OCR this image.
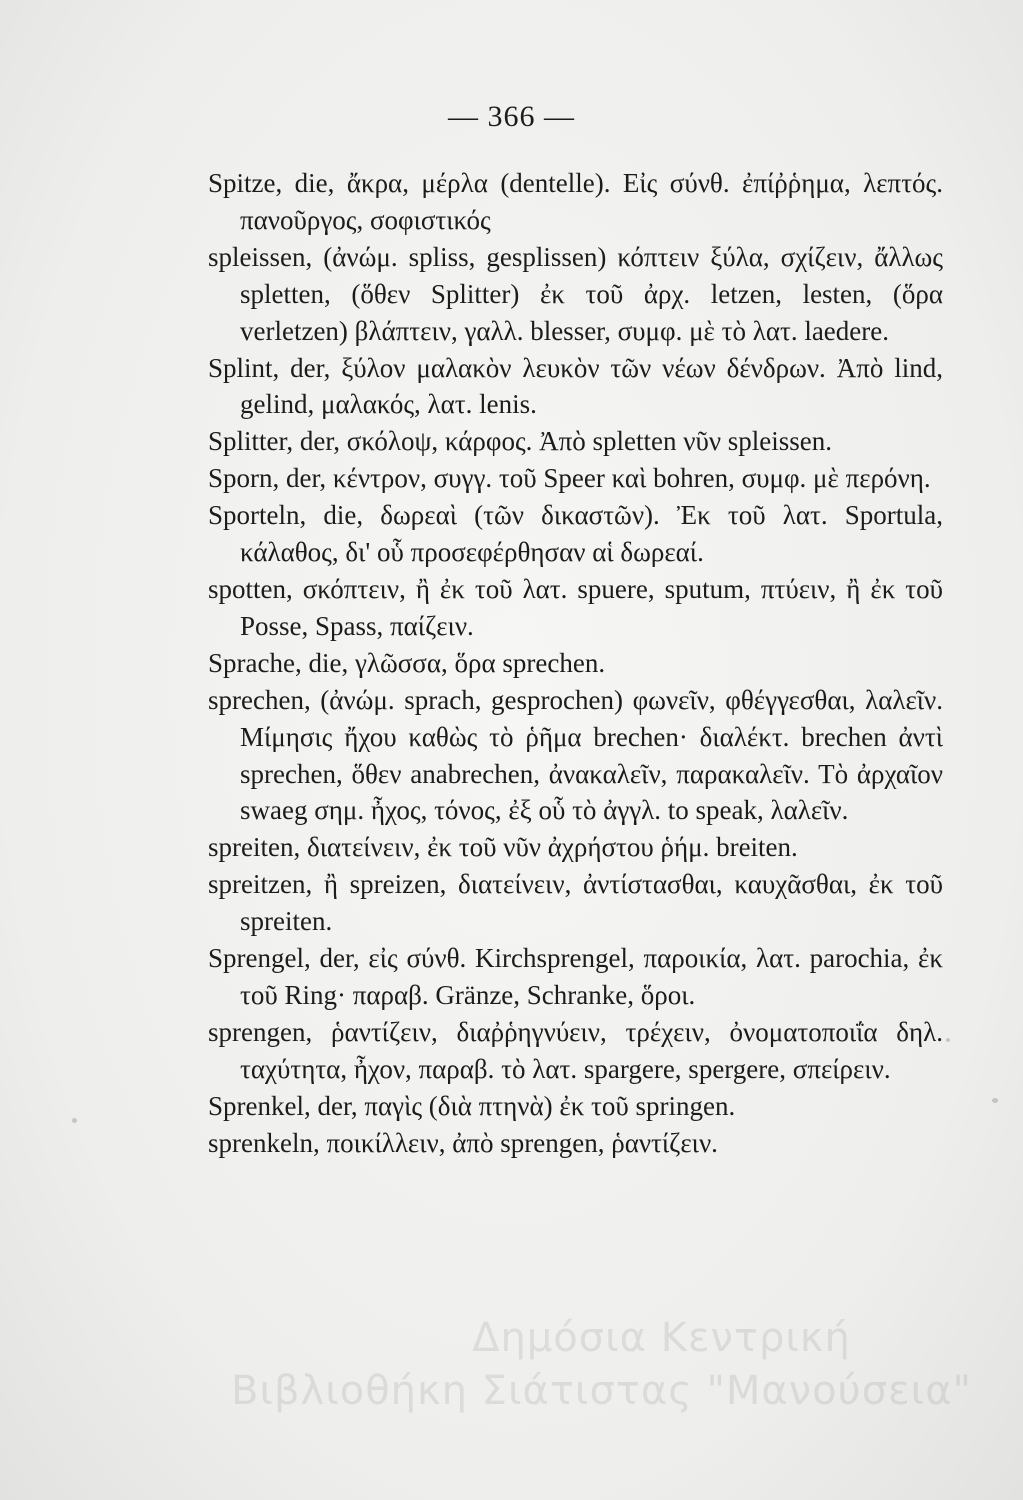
— 366 —

Spitze, die, ἄκρα, μέρλα (dentelle). Εἰς σύνθ. ἐπίῤῥημα, λεπτός. πανοῦργος, σοφιστικός

spleissen, (ἀνώμ. spliss, gesplissen) κόπτειν ξύλα, σχίζειν, ἄλλως spletten, (ὅθεν Splitter) ἐκ τοῦ ἀρχ. letzen, lesten, (ὅρα verletzen) βλάπτειν, γαλλ. blesser, συμφ. μὲ τὸ λατ. laedere.

Splint, der, ξύλον μαλακὸν λευκὸν τῶν νέων δένδρων. Ἀπὸ lind, gelind, μαλακός, λατ. lenis.

Splitter, der, σκόλοψ, κάρφος. Ἀπὸ spletten νῦν spleissen.

Sporn, der, κέντρον, συγγ. τοῦ Speer καὶ bohren, συμφ. μὲ περόνη.

Sporteln, die, δωρεαὶ (τῶν δικαστῶν). Ἐκ τοῦ λατ. Sportula, κάλαθος, δι' οὗ προσεφέρθησαν αἱ δωρεαί.

spotten, σκόπτειν, ἢ ἐκ τοῦ λατ. spuere, sputum, πτύειν, ἢ ἐκ τοῦ Posse, Spass, παίζειν.

Sprache, die, γλῶσσα, ὅρα sprechen.

sprechen, (ἀνώμ. sprach, gesprochen) φωνεῖν, φθέγγεσθαι, λαλεῖν. Μίμησις ἤχου καθὼς τὸ ῥῆμα brechen· διαλέκτ. brechen ἀντὶ sprechen, ὅθεν anabrechen, ἀνακαλεῖν, παρακαλεῖν. Τὸ ἀρχαῖον swaeg σημ. ἦχος, τόνος, ἐξ οὗ τὸ ἀγγλ. to speak, λαλεῖν.

spreiten, διατείνειν, ἐκ τοῦ νῦν ἀχρήστου ῥήμ. breiten.

spreitzen, ἢ spreizen, διατείνειν, ἀντίστασθαι, καυχᾶσθαι, ἐκ τοῦ spreiten.

Sprengel, der, εἰς σύνθ. Kirchsprengel, παροικία, λατ. parochia, ἐκ τοῦ Ring· παραβ. Gränze, Schranke, ὅροι.

sprengen, ῥαντίζειν, διαῤῥηγνύειν, τρέχειν, ὀνοματοποιΐα δηλ. ταχύτητα, ἦχον, παραβ. τὸ λατ. spargere, spergere, σπείρειν.

Sprenkel, der, παγὶς (διὰ πτηνὰ) ἐκ τοῦ springen.

sprenkeln, ποικίλλειν, ἀπὸ sprengen, ῥαντίζειν.

Δημόσια Κεντρική
Βιβλιοθήκη Σιάτιστας "Μανούσεια"
